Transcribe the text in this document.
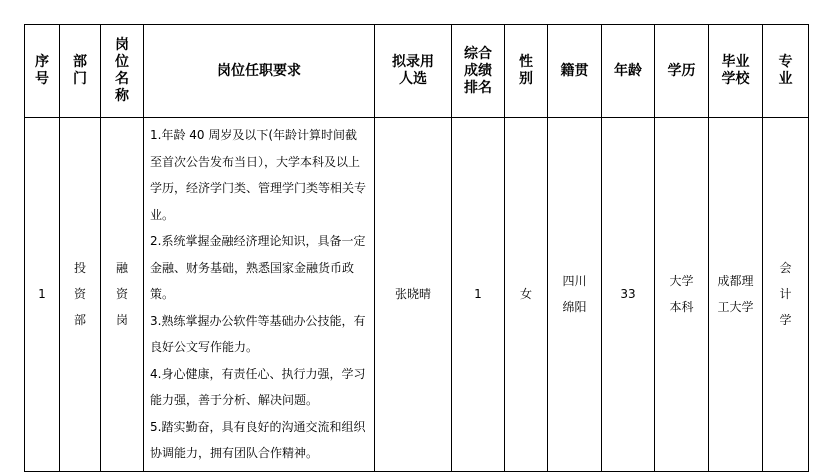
序号	部门	岗位名称	岗位任职要求	拟录用人选	综合成绩排名	性别	籍贯	年龄	学历	毕业学校	专业
1	投资部	融资岗	1.年龄 40 周岁及以下(年龄计算时间截至首次公告发布当日），大学本科及以上学历，经济学门类、管理学门类等相关专业。
2.系统掌握金融经济理论知识，具备一定金融、财务基础，熟悉国家金融货币政策。
3.熟练掌握办公软件等基础办公技能，有良好公文写作能力。
4.身心健康，有责任心、执行力强，学习能力强，善于分析、解决问题。
5.踏实勤奋，具有良好的沟通交流和组织协调能力，拥有团队合作精神。	张晓晴	1	女	四川绵阳	33	大学本科	成都理工大学	会计学
